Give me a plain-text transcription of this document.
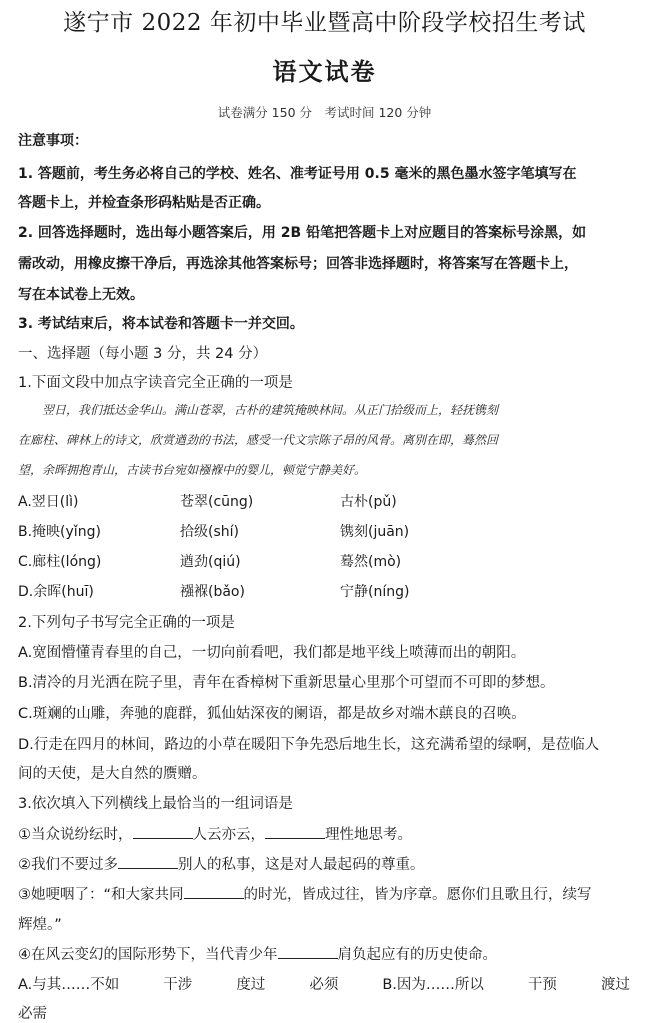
遂宁市 2022 年初中毕业暨高中阶段学校招生考试
语文试卷
试卷满分 150 分　考试时间 120 分钟
注意事项：
1. 答题前，考生务必将自己的学校、姓名、准考证号用 0.5 毫米的黑色墨水签字笔填写在
答题卡上，并检查条形码粘贴是否正确。
2. 回答选择题时，选出每小题答案后，用 2B 铅笔把答题卡上对应题目的答案标号涂黑，如
需改动，用橡皮擦干净后，再选涂其他答案标号；回答非选择题时，将答案写在答题卡上，
写在本试卷上无效。
3. 考试结束后，将本试卷和答题卡一并交回。
一、选择题（每小题 3 分，共 24 分）
1.下面文段中加点字读音完全正确的一项是
　　翌日，我们抵达金华山。满山苍翠，古朴的建筑掩映林间。从正门拾级而上，轻抚镌刻
在廊柱、碑林上的诗文，欣赏遒劲的书法，感受一代文宗陈子昂的风骨。离别在即，蓦然回
望，余晖拥抱青山，古读书台宛如襁褓中的婴儿，顿觉宁静美好。
A.翌日(lì)	苍翠(cūng)	古朴(pǔ)
B.掩映(yǐng)	拾级(shí)	镌刻(juān)
C.廊柱(lóng)	遒劲(qiú)	蓦然(mò)
D.余晖(huī)	襁褓(bǎo)	宁静(níng)
2.下列句子书写完全正确的一项是
A.宽囿懵懂青春里的自己，一切向前看吧，我们都是地平线上喷薄而出的朝阳。
B.清冷的月光洒在院子里，青年在香樟树下重新思量心里那个可望而不可即的梦想。
C.斑斓的山雕，奔驰的鹿群，狐仙姑深夜的阑语，都是故乡对端木蕻良的召唤。
D.行走在四月的林间，路边的小草在暖阳下争先恐后地生长，这充满希望的绿啊，是莅临人
间的天使，是大自然的赝赠。
3.依次填入下列横线上最恰当的一组词语是
①当众说纷纭时，	人云亦云，	理性地思考。
②我们不要过多	别人的私事，这是对人最起码的尊重。
③她哽咽了：“和大家共同	的时光，皆成过往，皆为序章。愿你们且歌且行，续写
辉煌。”
④在风云变幻的国际形势下，当代青少年	肩负起应有的历史使命。
A.与其……不如	干涉	度过	必须	B.因为……所以	干预	渡过
必需
